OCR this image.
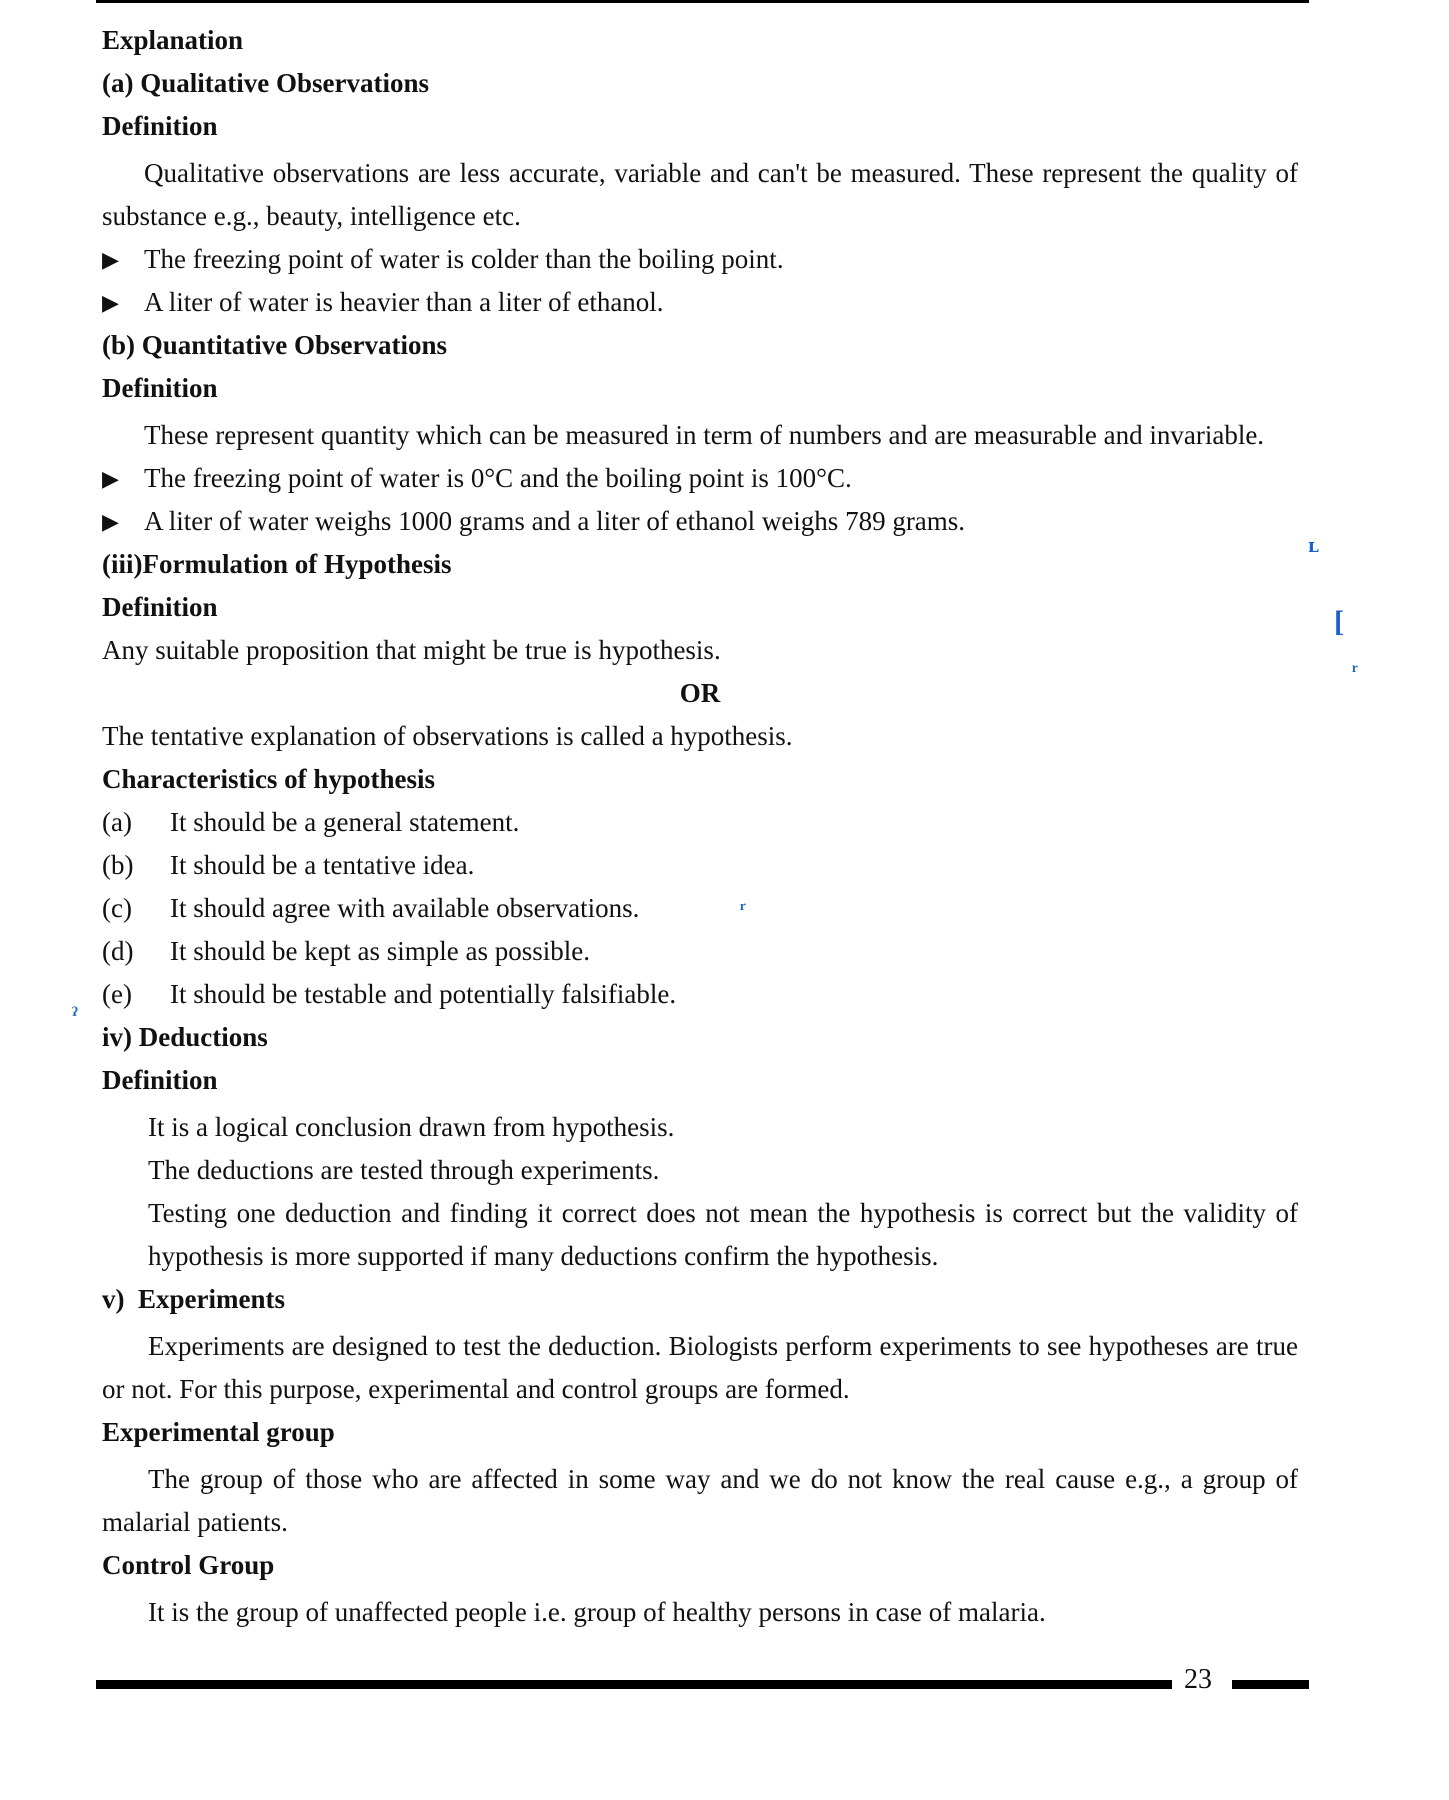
Explanation
(a) Qualitative Observations
Definition
Qualitative observations are less accurate, variable and can't be measured. These represent the quality of substance e.g., beauty, intelligence etc.
▶ The freezing point of water is colder than the boiling point.
▶ A liter of water is heavier than a liter of ethanol.
(b) Quantitative Observations
Definition
These represent quantity which can be measured in term of numbers and are measurable and invariable.
▶ The freezing point of water is 0°C and the boiling point is 100°C.
▶ A liter of water weighs 1000 grams and a liter of ethanol weighs 789 grams.
(iii)Formulation of Hypothesis
Definition
Any suitable proposition that might be true is hypothesis.
OR
The tentative explanation of observations is called a hypothesis.
Characteristics of hypothesis
(a)	It should be a general statement.
(b)	It should be a tentative idea.
(c)	It should agree with available observations.
(d)	It should be kept as simple as possible.
(e)	It should be testable and potentially falsifiable.
iv) Deductions
Definition
It is a logical conclusion drawn from hypothesis.
The deductions are tested through experiments.
Testing one deduction and finding it correct does not mean the hypothesis is correct but the validity of hypothesis is more supported if many deductions confirm the hypothesis.
v)  Experiments
Experiments are designed to test the deduction. Biologists perform experiments to see hypotheses are true or not. For this purpose, experimental and control groups are formed.
Experimental group
The group of those who are affected in some way and we do not know the real cause e.g., a group of malarial patients.
Control Group
It is the group of unaffected people i.e. group of healthy persons in case of malaria.
ʟ
[
ʳ
ᵣ
ˀ
23
